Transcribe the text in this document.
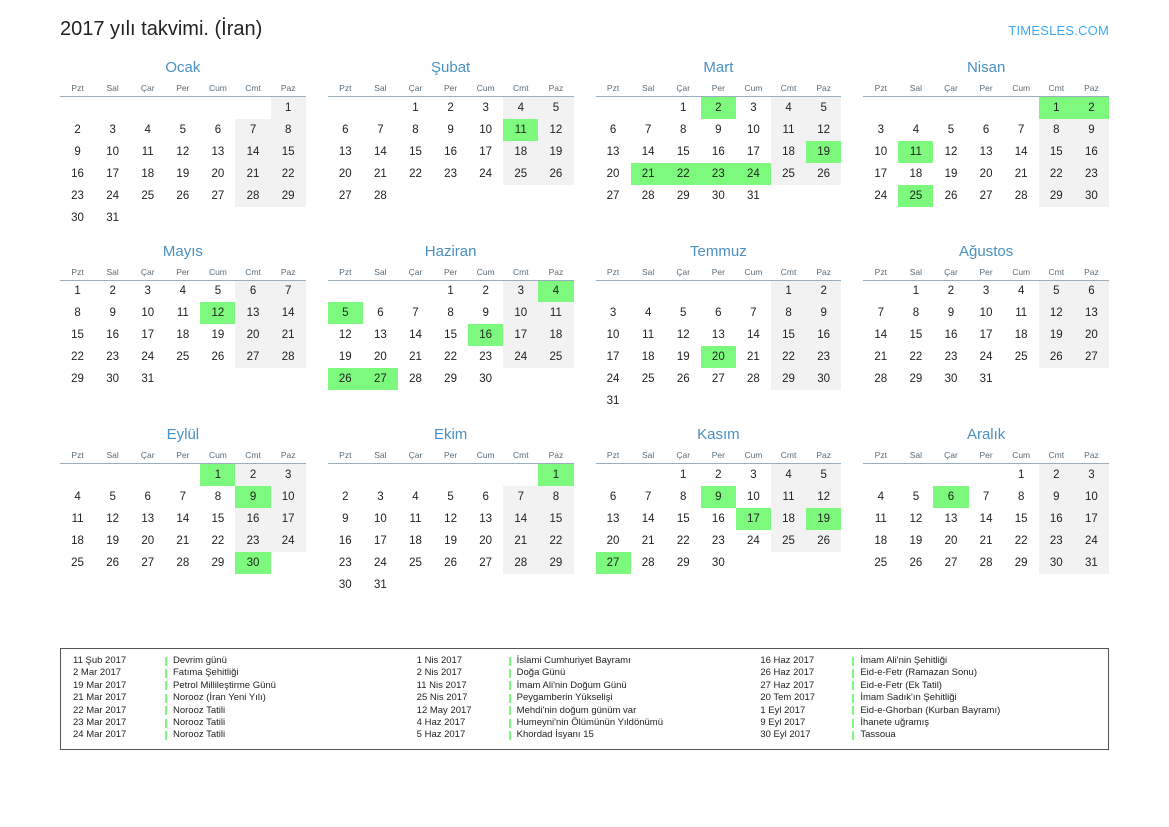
2017 yılı takvimi. (İran)	TIMESLES.COM
Ocak
Pzt	Sal	Çar	Per	Cum	Cmt	Paz
						1
2	3	4	5	6	7	8
9	10	11	12	13	14	15
16	17	18	19	20	21	22
23	24	25	26	27	28	29
30	31					
Şubat
Pzt	Sal	Çar	Per	Cum	Cmt	Paz
		1	2	3	4	5
6	7	8	9	10	11	12
13	14	15	16	17	18	19
20	21	22	23	24	25	26
27	28					
Mart
Pzt	Sal	Çar	Per	Cum	Cmt	Paz
		1	2	3	4	5
6	7	8	9	10	11	12
13	14	15	16	17	18	19
20	21	22	23	24	25	26
27	28	29	30	31		
Nisan
Pzt	Sal	Çar	Per	Cum	Cmt	Paz
					1	2
3	4	5	6	7	8	9
10	11	12	13	14	15	16
17	18	19	20	21	22	23
24	25	26	27	28	29	30
Mayıs
Pzt	Sal	Çar	Per	Cum	Cmt	Paz
1	2	3	4	5	6	7
8	9	10	11	12	13	14
15	16	17	18	19	20	21
22	23	24	25	26	27	28
29	30	31				
Haziran
Pzt	Sal	Çar	Per	Cum	Cmt	Paz
			1	2	3	4
5	6	7	8	9	10	11
12	13	14	15	16	17	18
19	20	21	22	23	24	25
26	27	28	29	30		
Temmuz
Pzt	Sal	Çar	Per	Cum	Cmt	Paz
					1	2
3	4	5	6	7	8	9
10	11	12	13	14	15	16
17	18	19	20	21	22	23
24	25	26	27	28	29	30
31						
Ağustos
Pzt	Sal	Çar	Per	Cum	Cmt	Paz
	1	2	3	4	5	6
7	8	9	10	11	12	13
14	15	16	17	18	19	20
21	22	23	24	25	26	27
28	29	30	31			
Eylül
Pzt	Sal	Çar	Per	Cum	Cmt	Paz
				1	2	3
4	5	6	7	8	9	10
11	12	13	14	15	16	17
18	19	20	21	22	23	24
25	26	27	28	29	30	
Ekim
Pzt	Sal	Çar	Per	Cum	Cmt	Paz
						1
2	3	4	5	6	7	8
9	10	11	12	13	14	15
16	17	18	19	20	21	22
23	24	25	26	27	28	29
30	31					
Kasım
Pzt	Sal	Çar	Per	Cum	Cmt	Paz
		1	2	3	4	5
6	7	8	9	10	11	12
13	14	15	16	17	18	19
20	21	22	23	24	25	26
27	28	29	30			
Aralık
Pzt	Sal	Çar	Per	Cum	Cmt	Paz
				1	2	3
4	5	6	7	8	9	10
11	12	13	14	15	16	17
18	19	20	21	22	23	24
25	26	27	28	29	30	31
11 Şub 2017	Devrim günü
2 Mar 2017	Fatıma Şehitliği
19 Mar 2017	Petrol Millileştirme Günü
21 Mar 2017	Norooz (İran Yeni Yılı)
22 Mar 2017	Norooz Tatili
23 Mar 2017	Norooz Tatili
24 Mar 2017	Norooz Tatili
1 Nis 2017	İslami Cumhuriyet Bayramı
2 Nis 2017	Doğa Günü
11 Nis 2017	İmam Ali'nin Doğum Günü
25 Nis 2017	Peygamberin Yükselişi
12 May 2017	Mehdi'nin doğum günüm var
4 Haz 2017	Humeyni'nin Ölümünün Yıldönümü
5 Haz 2017	Khordad İsyanı 15
16 Haz 2017	İmam Ali'nin Şehitliği
26 Haz 2017	Eid-e-Fetr (Ramazan Sonu)
27 Haz 2017	Eid-e-Fetr (Ek Tatil)
20 Tem 2017	İmam Sadık'ın Şehitliği
1 Eyl 2017	Eid-e-Ghorban (Kurban Bayramı)
9 Eyl 2017	İhanete uğramış
30 Eyl 2017	Tassoua
